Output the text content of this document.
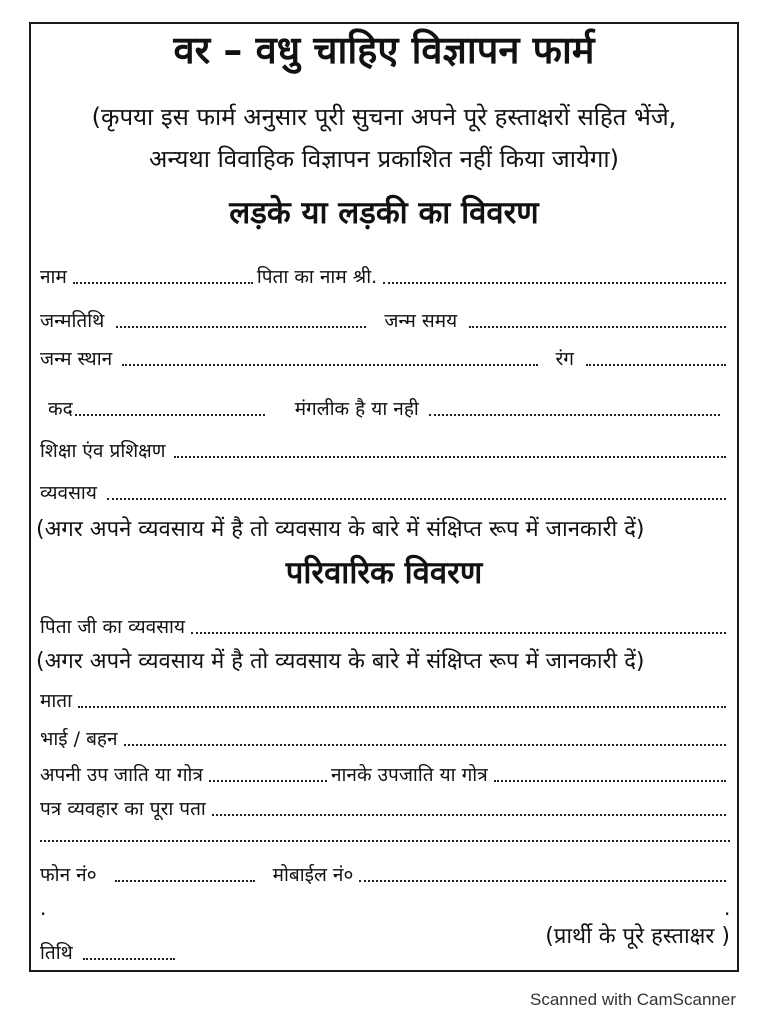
वर – वधु चाहिए विज्ञापन फार्म
(कृपया इस फार्म अनुसार पूरी सुचना अपने पूरे हस्ताक्षरों सहित भेंजे,
अन्यथा विवाहिक विज्ञापन प्रकाशित नहीं किया जायेगा)
लड़के या लड़की का विवरण
नाम	पिता का नाम श्री.
जन्मतिथि	जन्म समय
जन्म स्थान	रंग
कद	मंगलीक है या नही
शिक्षा एंव प्रशिक्षण
व्यवसाय
(अगर अपने व्यवसाय में है तो व्यवसाय के बारे में संक्षिप्त रूप में जानकारी दें)
परिवारिक विवरण
पिता जी का व्यवसाय
(अगर अपने व्यवसाय में है तो व्यवसाय के बारे में संक्षिप्त रूप में जानकारी दें)
माता
भाई / बहन
अपनी उप जाति या गोत्र	नानके उपजाति या गोत्र
पत्र व्यवहार का पूरा पता
फोन नं०	मोबाईल नं०
.	.
(प्रार्थी के पूरे हस्ताक्षर )
तिथि
Scanned with CamScanner
